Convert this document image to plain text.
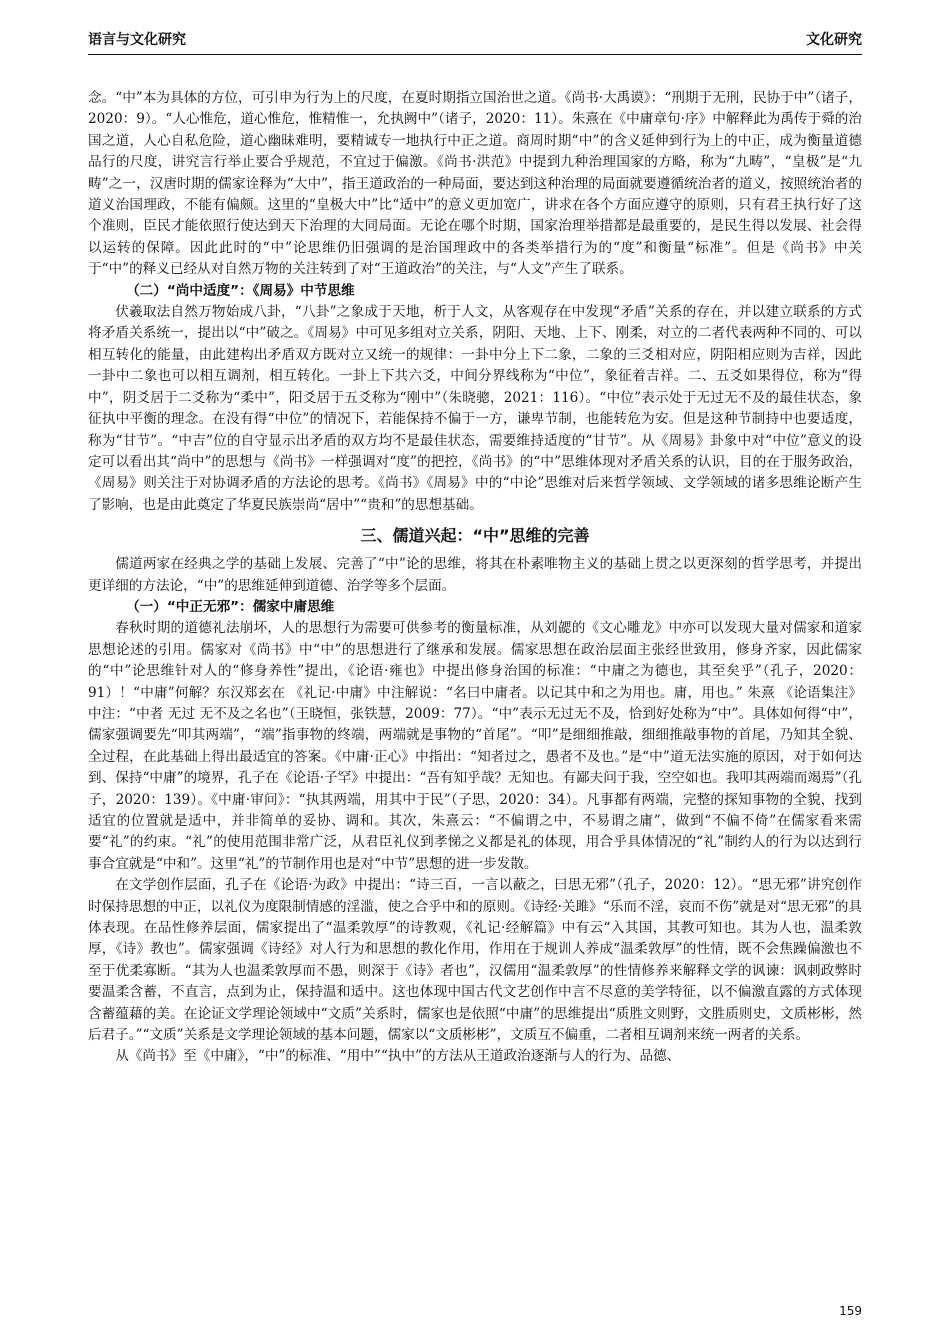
语言与文化研究	文化研究

念。“中”本为具体的方位，可引申为行为上的尺度，在夏时期指立国治世之道。《尚书·大禹谟》：“刑期于无刑，民协于中”（诸子，2020：9）。“人心惟危，道心惟危，惟精惟一，允执阙中”（诸子，2020：11）。朱熹在《中庸章句·序》中解释此为禹传于舜的治国之道，人心自私危险，道心幽昧难明，要精诚专一地执行中正之道。商周时期“中”的含义延伸到行为上的中正，成为衡量道德品行的尺度，讲究言行举止要合乎规范，不宜过于偏激。《尚书·洪范》中提到九种治理国家的方略，称为“九畴”，“皇极”是“九畴”之一，汉唐时期的儒家诠释为“大中”，指王道政治的一种局面，要达到这种治理的局面就要遵循统治者的道义，按照统治者的道义治国理政，不能有偏颇。这里的“皇极大中”比“适中”的意义更加宽广，讲求在各个方面应遵守的原则，只有君王执行好了这个准则，臣民才能依照行使达到天下治理的大同局面。无论在哪个时期，国家治理举措都是最重要的，是民生得以发展、社会得以运转的保障。因此此时的“中”论思维仍旧强调的是治国理政中的各类举措行为的“度”和衡量“标准”。但是《尚书》中关于“中”的释义已经从对自然万物的关注转到了对“王道政治”的关注，与“人文”产生了联系。

（二）“尚中适度”：《周易》中节思维

伏羲取法自然万物始成八卦，“八卦”之象成于天地，析于人文，从客观存在中发现“矛盾”关系的存在，并以建立联系的方式将矛盾关系统一，提出以“中”破之。《周易》中可见多组对立关系，阴阳、天地、上下、刚柔，对立的二者代表两种不同的、可以相互转化的能量，由此建构出矛盾双方既对立又统一的规律：一卦中分上下二象，二象的三爻相对应，阴阳相应则为吉祥，因此一卦中二象也可以相互调剂，相互转化。一卦上下共六爻，中间分界线称为“中位”，象征着吉祥。二、五爻如果得位，称为“得中”，阴爻居于二爻称为“柔中”，阳爻居于五爻称为“刚中”（朱晓骢，2021：116）。“中位”表示处于无过无不及的最佳状态，象征执中平衡的理念。在没有得“中位”的情况下，若能保持不偏于一方，谦卑节制，也能转危为安。但是这种节制持中也要适度，称为“甘节”。“中吉”位的自守显示出矛盾的双方均不是最佳状态，需要维持适度的“甘节”。从《周易》卦象中对“中位”意义的设定可以看出其“尚中”的思想与《尚书》一样强调对“度”的把控，《尚书》的“中”思维体现对矛盾关系的认识，目的在于服务政治，《周易》则关注于对协调矛盾的方法论的思考。《尚书》《周易》中的“中论”思维对后来哲学领域、文学领域的诸多思维论断产生了影响，也是由此奠定了华夏民族崇尚“居中”“贵和”的思想基础。

三、儒道兴起：“中”思维的完善

儒道两家在经典之学的基础上发展、完善了“中”论的思维，将其在朴素唯物主义的基础上贯之以更深刻的哲学思考，并提出更详细的方法论，“中”的思维延伸到道德、治学等多个层面。

（一）“中正无邪”：儒家中庸思维

春秋时期的道德礼法崩坏，人的思想行为需要可供参考的衡量标准，从刘勰的《文心雕龙》中亦可以发现大量对儒家和道家思想论述的引用。儒家对《尚书》中“中”的思想进行了继承和发展。儒家思想在政治层面主张经世致用，修身齐家，因此儒家的“中”论思维针对人的“修身养性”提出，《论语·雍也》中提出修身治国的标准：“中庸之为德也，其至矣乎”（孔子，2020：91）！“中庸”何解？东汉郑玄在 《礼记·中庸》中注解说：“名曰中庸者。以记其中和之为用也。庸，用也。” 朱熹 《论语集注》中注：“中者 无过 无不及之名也”（王晓恒，张铁慧，2009：77）。“中”表示无过无不及，恰到好处称为“中”。具体如何得“中”，儒家强调要先“叩其两端”，“端”指事物的终端，两端就是事物的“首尾”。“叩”是细细推敲，细细推敲事物的首尾，乃知其全貌、全过程，在此基础上得出最适宜的答案。《中庸·正心》中指出：“知者过之，愚者不及也。”是“中”道无法实施的原因，对于如何达到、保持“中庸”的境界，孔子在《论语·子罕》中提出：“吾有知乎哉？无知也。有鄙夫问于我，空空如也。我叩其两端而竭焉”（孔子，2020：139）。《中庸·审问》：“执其两端，用其中于民”（子思，2020：34）。凡事都有两端，完整的探知事物的全貌，找到适宜的位置就是适中，并非简单的妥协、调和。其次，朱熹云：“不偏谓之中，不易谓之庸”，做到“不偏不倚”在儒家看来需要“礼”的约束。“礼”的使用范围非常广泛，从君臣礼仪到孝悌之义都是礼的体现，用合乎具体情况的“礼”制约人的行为以达到行事合宜就是“中和”。这里“礼”的节制作用也是对“中节”思想的进一步发散。

在文学创作层面，孔子在《论语·为政》中提出：“诗三百，一言以蔽之，曰思无邪”（孔子，2020：12）。“思无邪”讲究创作时保持思想的中正，以礼仪为度限制情感的淫滥，使之合乎中和的原则。《诗经·关雎》“乐而不淫，哀而不伤”就是对“思无邪”的具体表现。在品性修养层面，儒家提出了“温柔敦厚”的诗教观，《礼记·经解篇》中有云“入其国，其教可知也。其为人也，温柔敦厚，《诗》教也”。儒家强调《诗经》对人行为和思想的教化作用，作用在于规训人养成“温柔敦厚”的性情，既不会焦躁偏激也不至于优柔寡断。“其为人也温柔敦厚而不愚，则深于《诗》者也”，汉儒用“温柔敦厚”的性情修养来解释文学的讽谏：讽刺政弊时要温柔含蓄，不直言，点到为止，保持温和适中。这也体现中国古代文艺创作中言不尽意的美学特征，以不偏激直露的方式体现含蓄蕴藉的美。在论证文学理论领域中“文质”关系时，儒家也是依照“中庸”的思维提出“质胜文则野，文胜质则史，文质彬彬，然后君子。”“文质”关系是文学理论领域的基本问题，儒家以“文质彬彬”，文质互不偏重，二者相互调剂来统一两者的关系。

从《尚书》至《中庸》，“中”的标准、“用中”“执中”的方法从王道政治逐渐与人的行为、品德、

159
